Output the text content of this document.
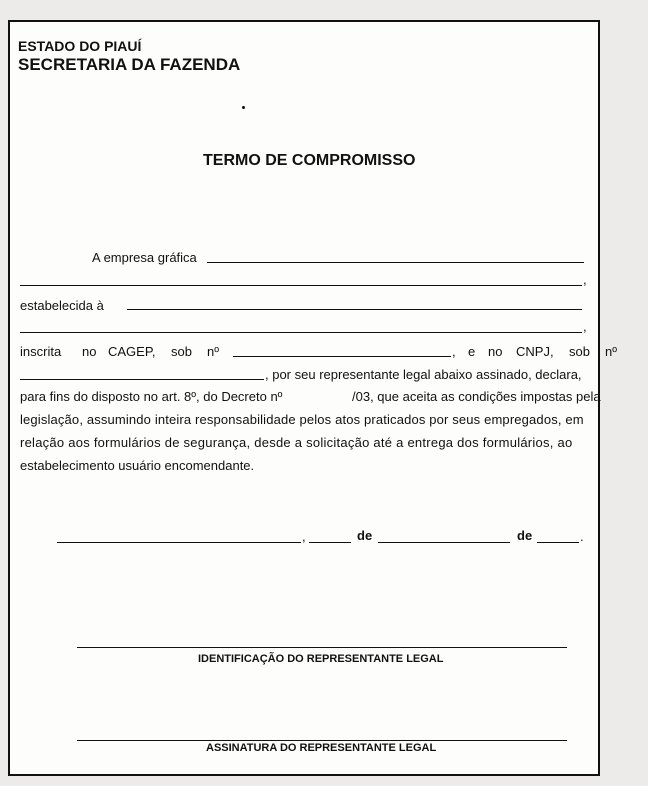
ESTADO DO PIAUÍ
SECRETARIA DA FAZENDA
TERMO DE COMPROMISSO
A empresa gráfica
,
estabelecida à
,
inscrita no CAGEP, sob nº	, e no CNPJ, sob nº
, por seu representante legal abaixo assinado, declara,
para fins do disposto no art. 8º, do Decreto nº	/03, que aceita as condições impostas pela
legislação, assumindo inteira responsabilidade pelos atos praticados por seus empregados, em
relação aos formulários de segurança, desde a solicitação até a entrega dos formulários, ao
estabelecimento usuário encomendante.
,	de	de	.
IDENTIFICAÇÃO DO REPRESENTANTE LEGAL
ASSINATURA DO REPRESENTANTE LEGAL
